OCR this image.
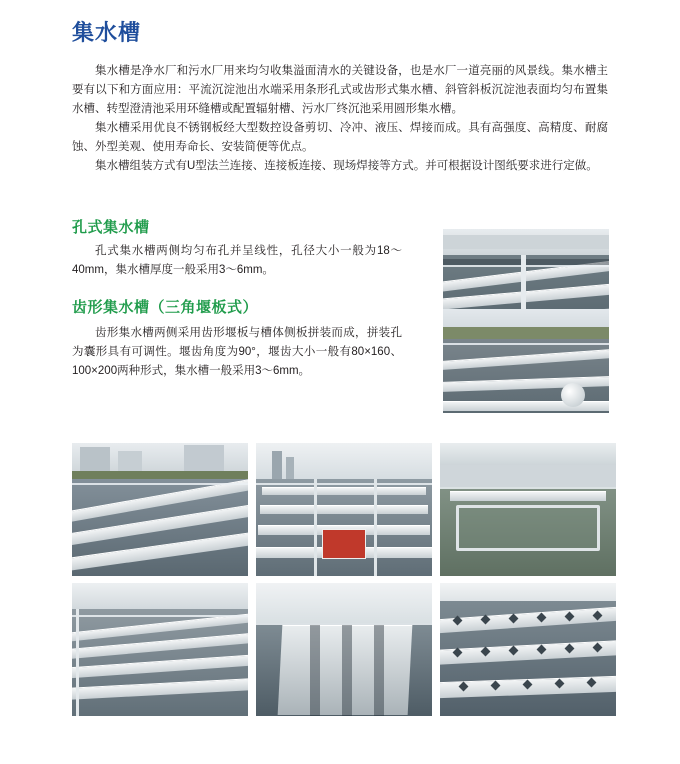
集水槽

集水槽是净水厂和污水厂用来均匀收集溢面清水的关键设备，也是水厂一道亮丽的风景线。集水槽主要有以下和方面应用：平流沉淀池出水端采用条形孔式或齿形式集水槽、斜管斜板沉淀池表面均匀布置集水槽、转型澄清池采用环缝槽或配置辐射槽、污水厂终沉池采用圆形集水槽。

集水槽采用优良不锈钢板经大型数控设备剪切、冷冲、液压、焊接而成。具有高强度、高精度、耐腐蚀、外型美观、使用寿命长、安装简便等优点。

集水槽组装方式有U型法兰连接、连接板连接、现场焊接等方式。并可根据设计图纸要求进行定做。

孔式集水槽

孔式集水槽两侧均匀布孔并呈线性，孔径大小一般为18～40mm，集水槽厚度一般采用3～6mm。

齿形集水槽（三角堰板式）

齿形集水槽两侧采用齿形堰板与槽体侧板拼装而成，拼装孔为囊形具有可调性。堰齿角度为90°，堰齿大小一般有80×160、100×200两种形式，集水槽一般采用3～6mm。
